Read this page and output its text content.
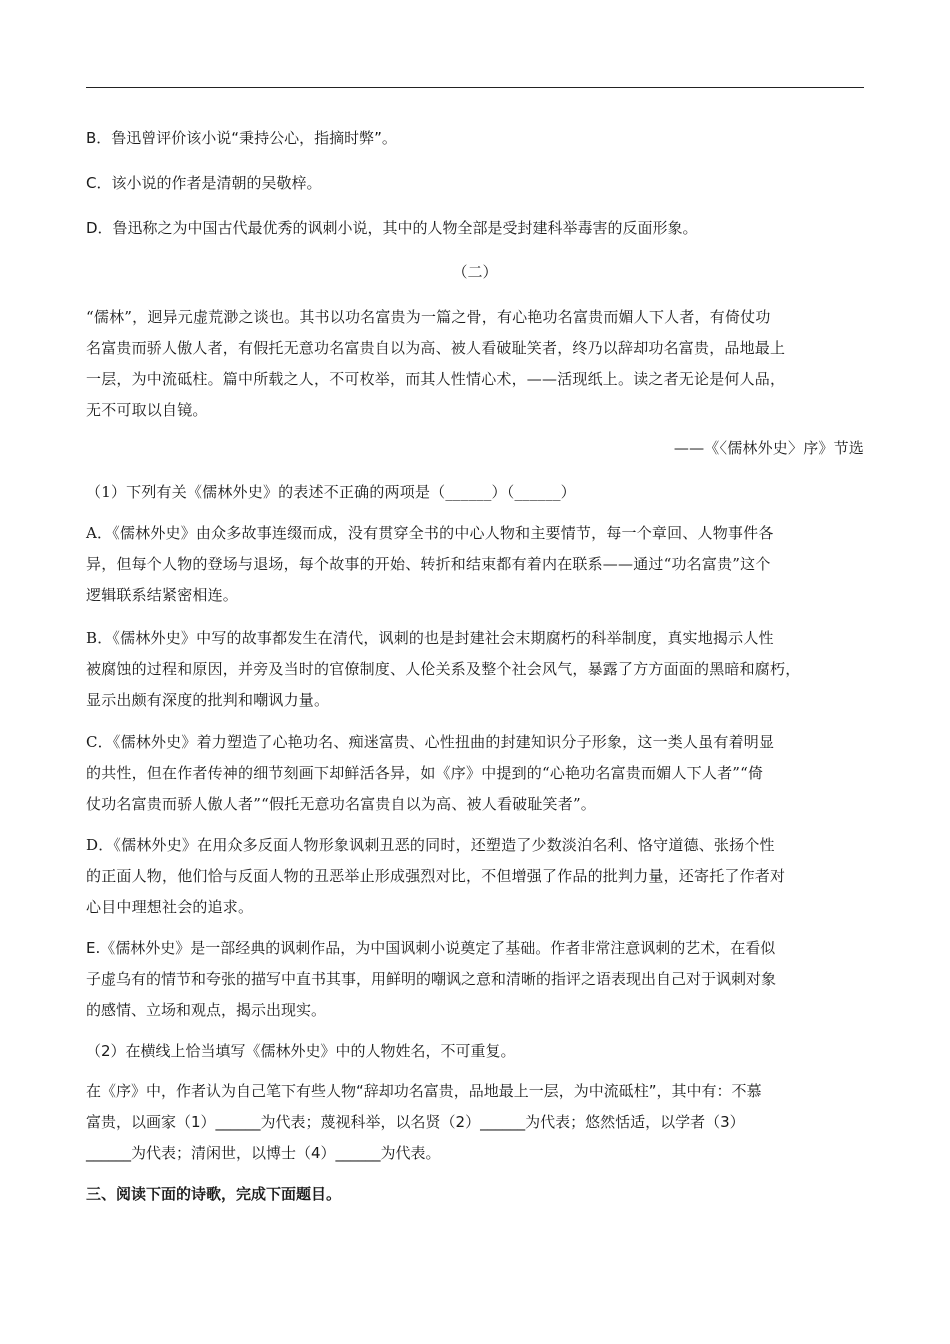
B．鲁迅曾评价该小说“秉持公心，指摘时弊”。
C．该小说的作者是清朝的吴敬梓。
D．鲁迅称之为中国古代最优秀的讽刺小说，其中的人物全部是受封建科举毒害的反面形象。
（二）
“儒林”，迥异元虚荒渺之谈也。其书以功名富贵为一篇之骨，有心艳功名富贵而媚人下人者，有倚仗功
名富贵而骄人傲人者，有假托无意功名富贵自以为高、被人看破耻笑者，终乃以辞却功名富贵，品地最上
一层，为中流砥柱。篇中所载之人，不可枚举，而其人性情心术，——活现纸上。读之者无论是何人品，
无不可取以自镜。
——《〈儒林外史〉序》节选
（1）下列有关《儒林外史》的表述不正确的两项是（______）（______）
A．《儒林外史》由众多故事连缀而成，没有贯穿全书的中心人物和主要情节，每一个章回、人物事件各
异，但每个人物的登场与退场，每个故事的开始、转折和结束都有着内在联系——通过“功名富贵”这个
逻辑联系结紧密相连。
B．《儒林外史》中写的故事都发生在清代，讽刺的也是封建社会末期腐朽的科举制度，真实地揭示人性
被腐蚀的过程和原因，并旁及当时的官僚制度、人伦关系及整个社会风气，暴露了方方面面的黑暗和腐朽，
显示出颇有深度的批判和嘲讽力量。
C．《儒林外史》着力塑造了心艳功名、痴迷富贵、心性扭曲的封建知识分子形象，这一类人虽有着明显
的共性，但在作者传神的细节刻画下却鲜活各异，如《序》中提到的“心艳功名富贵而媚人下人者”“倚
仗功名富贵而骄人傲人者”“假托无意功名富贵自以为高、被人看破耻笑者”。
D．《儒林外史》在用众多反面人物形象讽刺丑恶的同时，还塑造了少数淡泊名利、恪守道德、张扬个性
的正面人物，他们恰与反面人物的丑恶举止形成强烈对比，不但增强了作品的批判力量，还寄托了作者对
心目中理想社会的追求。
E.《儒林外史》是一部经典的讽刺作品，为中国讽刺小说奠定了基础。作者非常注意讽刺的艺术，在看似
子虚乌有的情节和夸张的描写中直书其事，用鲜明的嘲讽之意和清晰的指评之语表现出自己对于讽刺对象
的感情、立场和观点，揭示出现实。
（2）在横线上恰当填写《儒林外史》中的人物姓名，不可重复。
在《序》中，作者认为自己笔下有些人物“辞却功名富贵，品地最上一层，为中流砥柱”，其中有：不慕
富贵，以画家（1）______为代表；蔑视科举，以名贤（2）______为代表；悠然恬适，以学者（3）
______为代表；清闲世，以博士（4）______为代表。
三、阅读下面的诗歌，完成下面题目。
